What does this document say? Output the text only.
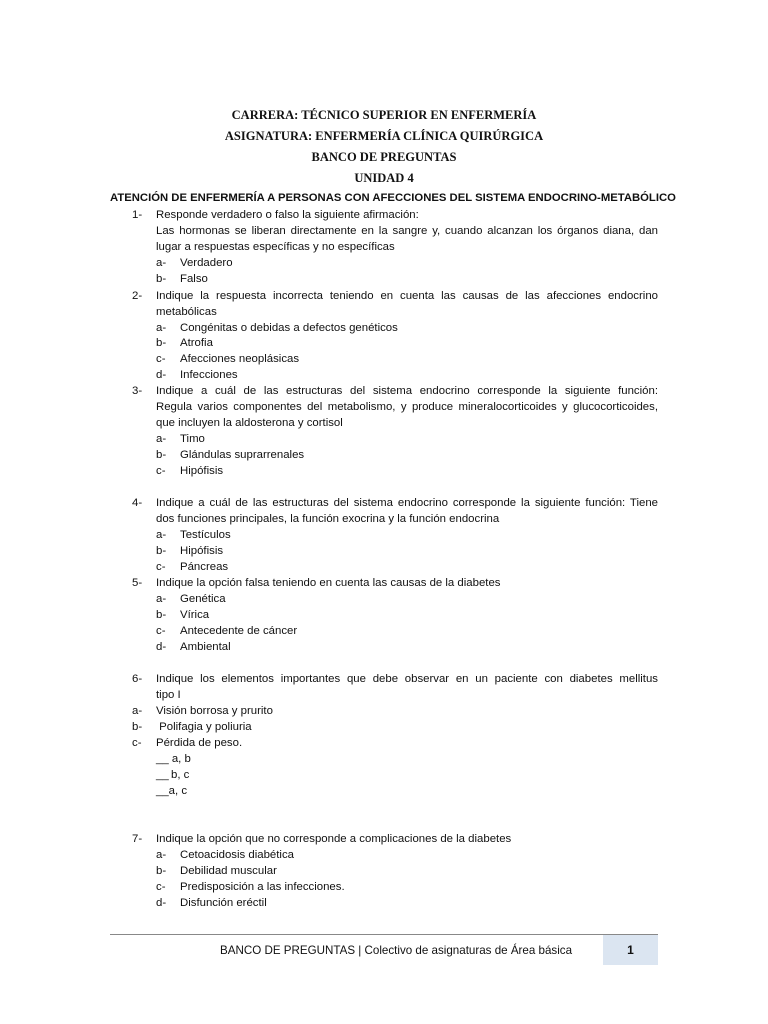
CARRERA: TÉCNICO SUPERIOR EN ENFERMERÍA
ASIGNATURA: ENFERMERÍA CLÍNICA QUIRÚRGICA
BANCO DE PREGUNTAS
UNIDAD 4
ATENCIÓN DE ENFERMERÍA A PERSONAS CON AFECCIONES DEL SISTEMA ENDOCRINO-METABÓLICO
1- Responde verdadero o falso la siguiente afirmación:
Las hormonas se liberan directamente en la sangre y, cuando alcanzan los órganos diana, dan
lugar a respuestas específicas y no específicas
a- Verdadero
b- Falso
2- Indique la respuesta incorrecta teniendo en cuenta las causas de las afecciones endocrino
metabólicas
a- Congénitas o debidas a defectos genéticos
b- Atrofia
c- Afecciones neoplásicas
d- Infecciones
3- Indique a cuál de las estructuras del sistema endocrino corresponde la siguiente función:
Regula varios componentes del metabolismo, y produce mineralocorticoides y glucocorticoides,
que incluyen la aldosterona y cortisol
a- Timo
b- Glándulas suprarrenales
c- Hipófisis
4- Indique a cuál de las estructuras del sistema endocrino corresponde la siguiente función: Tiene
dos funciones principales, la función exocrina y la función endocrina
a- Testículos
b- Hipófisis
c- Páncreas
5- Indique la opción falsa teniendo en cuenta las causas de la diabetes
a- Genética
b- Vírica
c- Antecedente de cáncer
d- Ambiental
6- Indique los elementos importantes que debe observar en un paciente con diabetes mellitus
tipo I
a- Visión borrosa y prurito
b- Polifagia y poliuria
c- Pérdida de peso.
__ a, b
__ b, c
__a, c
7- Indique la opción que no corresponde a complicaciones de la diabetes
a- Cetoacidosis diabética
b- Debilidad muscular
c- Predisposición a las infecciones.
d- Disfunción eréctil
BANCO DE PREGUNTAS | Colectivo de asignaturas de Área básica	1
